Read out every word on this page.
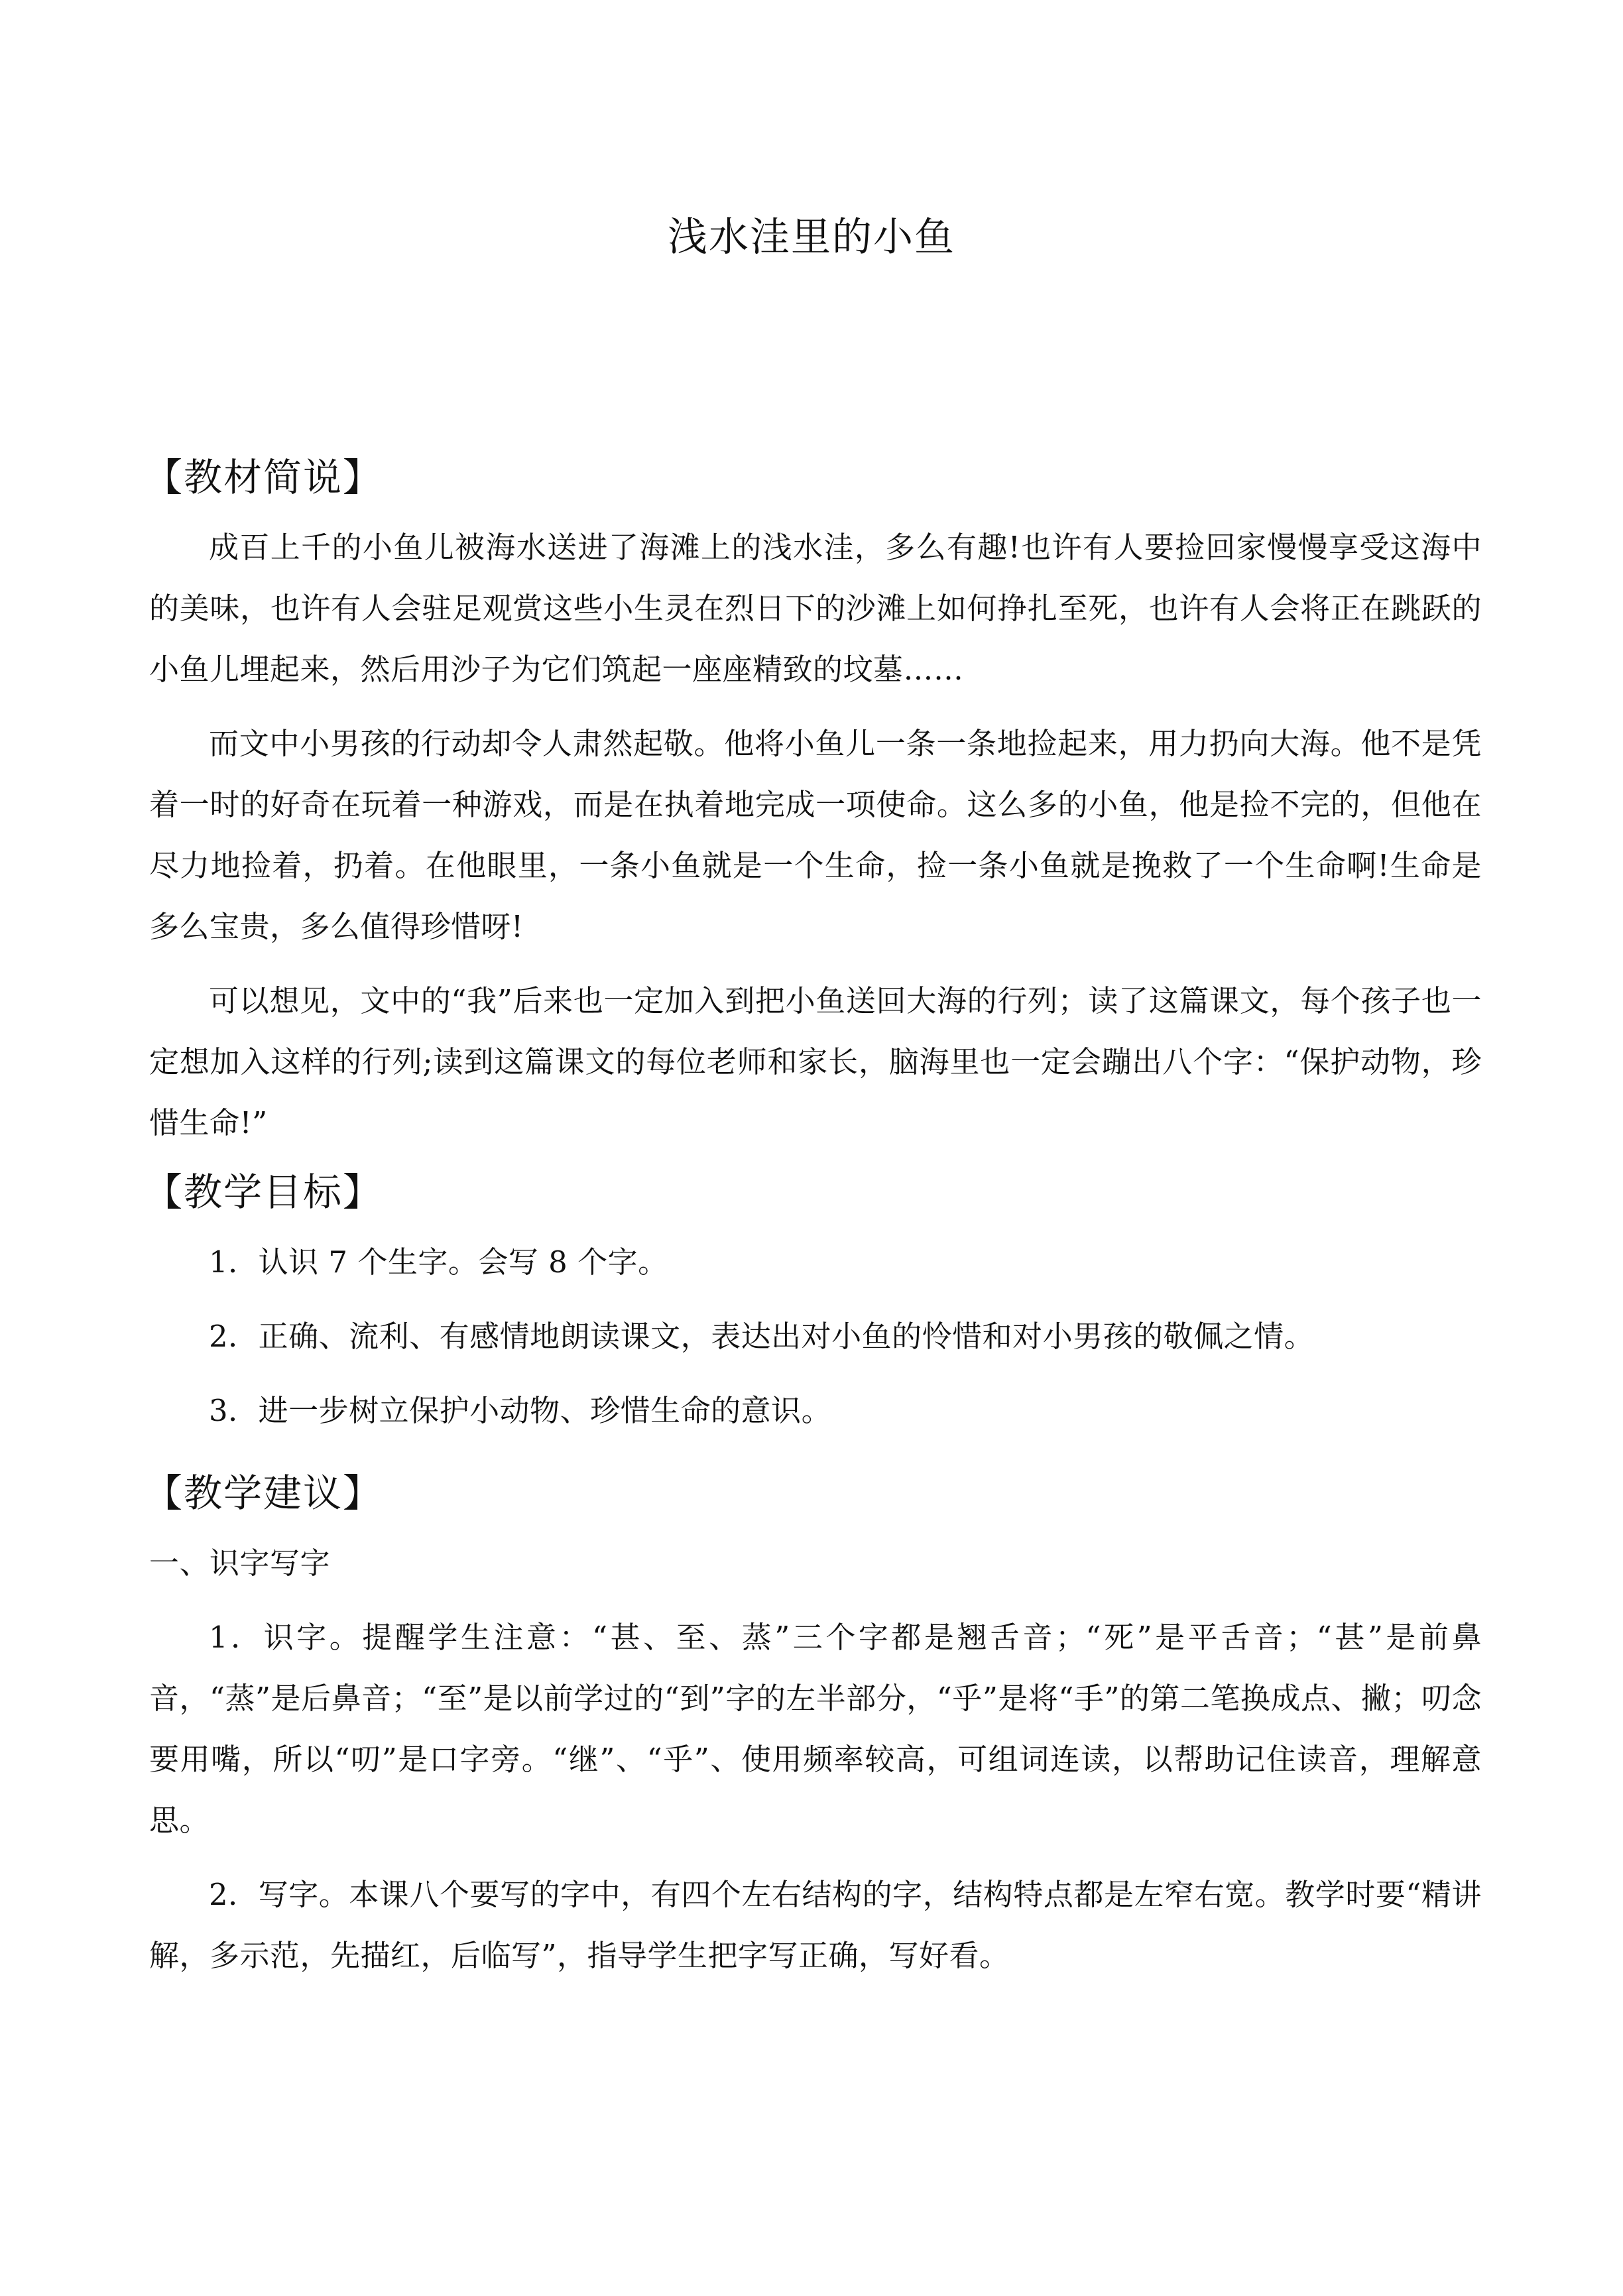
浅水洼里的小鱼
【教材简说】

成百上千的小鱼儿被海水送进了海滩上的浅水洼，多么有趣!也许有人要捡回家慢慢享受这海中的美味，也许有人会驻足观赏这些小生灵在烈日下的沙滩上如何挣扎至死，也许有人会将正在跳跃的小鱼儿埋起来，然后用沙子为它们筑起一座座精致的坟墓……

而文中小男孩的行动却令人肃然起敬。他将小鱼儿一条一条地捡起来，用力扔向大海。他不是凭着一时的好奇在玩着一种游戏，而是在执着地完成一项使命。这么多的小鱼，他是捡不完的，但他在尽力地捡着，扔着。在他眼里，一条小鱼就是一个生命，捡一条小鱼就是挽救了一个生命啊!生命是多么宝贵，多么值得珍惜呀!

可以想见，文中的“我”后来也一定加入到把小鱼送回大海的行列；读了这篇课文，每个孩子也一定想加入这样的行列;读到这篇课文的每位老师和家长，脑海里也一定会蹦出八个字：“保护动物，珍惜生命!”

【教学目标】

1．认识 7 个生字。会写 8 个字。

2．正确、流利、有感情地朗读课文，表达出对小鱼的怜惜和对小男孩的敬佩之情。

3．进一步树立保护小动物、珍惜生命的意识。

【教学建议】

一、识字写字

1．识字。提醒学生注意：“甚、至、蒸”三个字都是翘舌音；“死”是平舌音；“甚”是前鼻音，“蒸”是后鼻音；“至”是以前学过的“到”字的左半部分，“乎”是将“手”的第二笔换成点、撇；叨念要用嘴，所以“叨”是口字旁。“继”、“乎”、使用频率较高，可组词连读，以帮助记住读音，理解意思。

2．写字。本课八个要写的字中，有四个左右结构的字，结构特点都是左窄右宽。教学时要“精讲解，多示范，先描红，后临写”，指导学生把字写正确，写好看。
